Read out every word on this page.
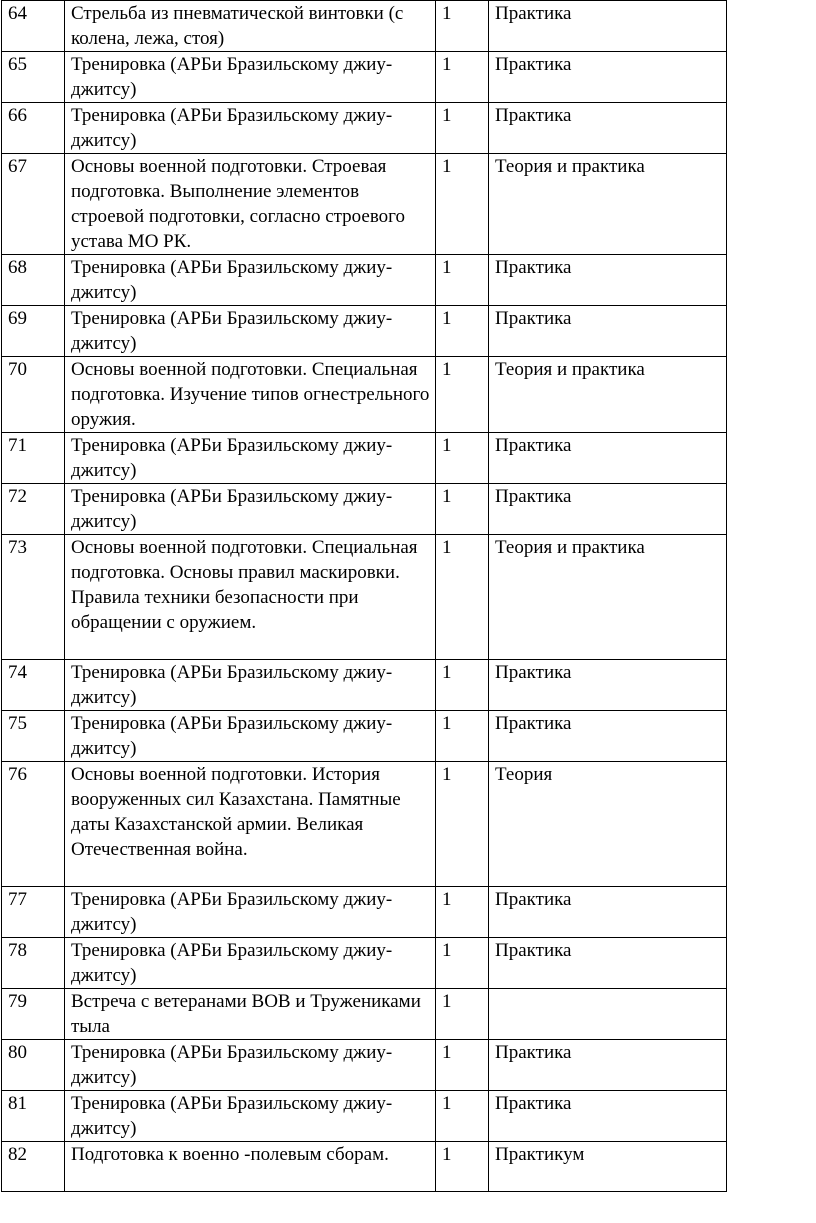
64	Стрельба из пневматической винтовки (с колена, лежа, стоя)	1	Практика
65	Тренировка (АРБи Бразильскому джиу-джитсу)	1	Практика
66	Тренировка (АРБи Бразильскому джиу-джитсу)	1	Практика
67	Основы военной подготовки. Строевая подготовка. Выполнение элементов строевой подготовки, согласно строевого устава МО РК.	1	Теория и практика
68	Тренировка (АРБи Бразильскому джиу-джитсу)	1	Практика
69	Тренировка (АРБи Бразильскому джиу-джитсу)	1	Практика
70	Основы военной подготовки. Специальная подготовка. Изучение типов огнестрельного оружия.	1	Теория и практика
71	Тренировка (АРБи Бразильскому джиу-джитсу)	1	Практика
72	Тренировка (АРБи Бразильскому джиу-джитсу)	1	Практика
73	Основы военной подготовки. Специальная подготовка. Основы правил маскировки. Правила техники безопасности при обращении с оружием.	1	Теория и практика
74	Тренировка (АРБи Бразильскому джиу-джитсу)	1	Практика
75	Тренировка (АРБи Бразильскому джиу-джитсу)	1	Практика
76	Основы военной подготовки. История вооруженных сил Казахстана. Памятные даты Казахстанской армии. Великая Отечественная война.	1	Теория
77	Тренировка (АРБи Бразильскому джиу-джитсу)	1	Практика
78	Тренировка (АРБи Бразильскому джиу-джитсу)	1	Практика
79	Встреча с ветеранами ВОВ и Тружениками тыла	1	
80	Тренировка (АРБи Бразильскому джиу-джитсу)	1	Практика
81	Тренировка (АРБи Бразильскому джиу-джитсу)	1	Практика
82	Подготовка к военно -полевым сборам.	1	Практикум
